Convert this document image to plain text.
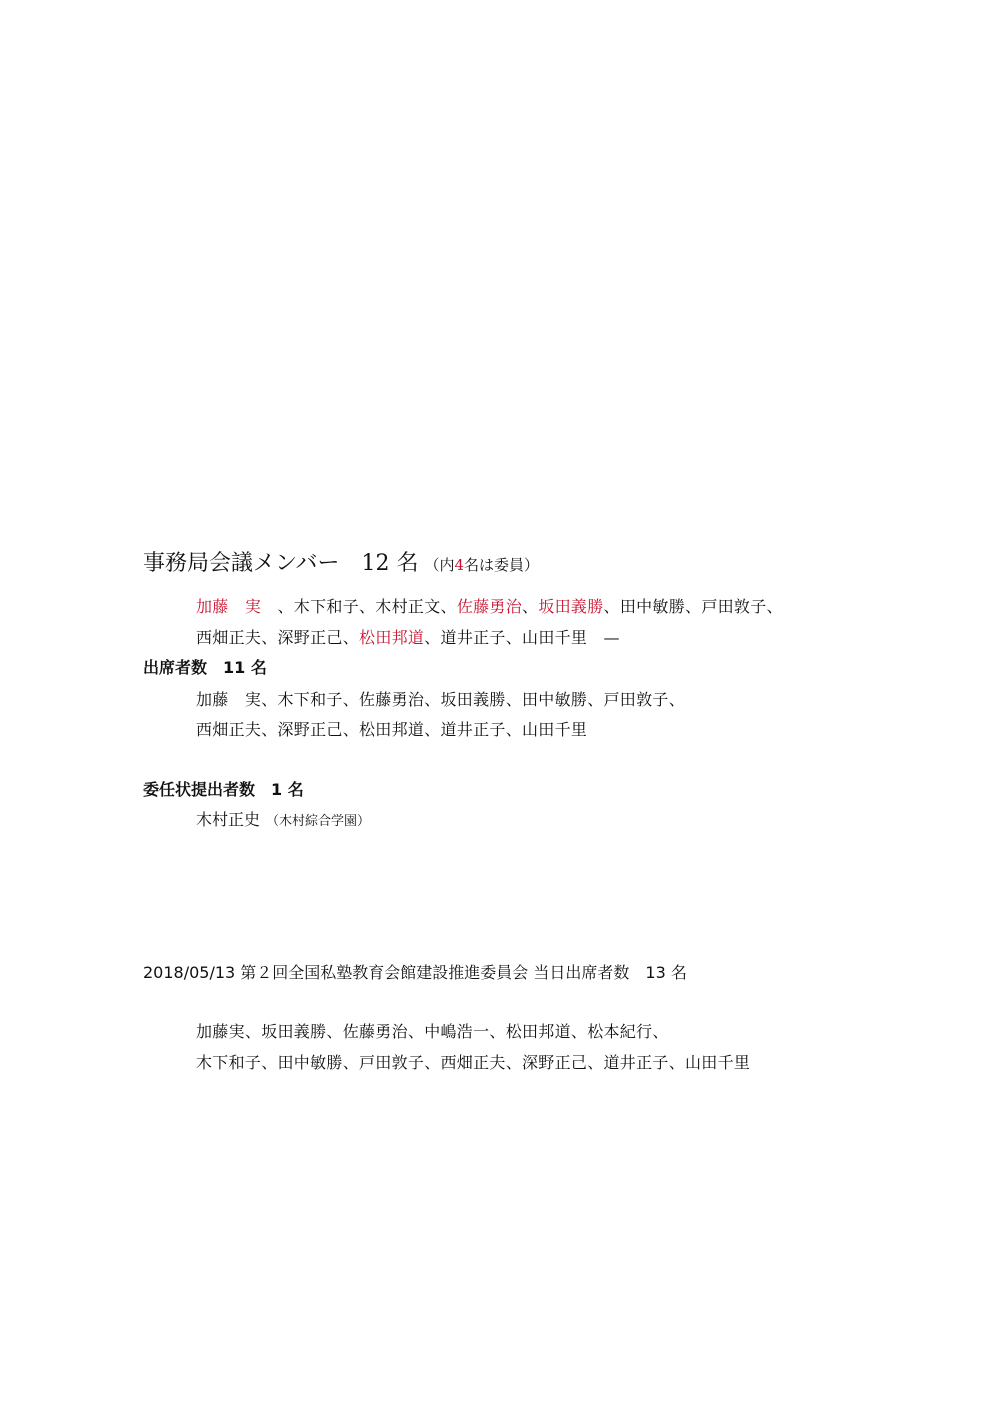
事務局会議メンバー　12 名 （内4名は委員）
加藤　実　、木下和子、木村正文、佐藤勇治、坂田義勝、田中敏勝、戸田敦子、
西畑正夫、深野正己、松田邦道、道井正子、山田千里　—
出席者数　11 名
加藤　実、木下和子、佐藤勇治、坂田義勝、田中敏勝、戸田敦子、
西畑正夫、深野正己、松田邦道、道井正子、山田千里
委任状提出者数　1 名
木村正史 （木村綜合学園）
2018/05/13 第２回全国私塾教育会館建設推進委員会 当日出席者数　13 名
加藤実、坂田義勝、佐藤勇治、中嶋浩一、松田邦道、松本紀行、
木下和子、田中敏勝、戸田敦子、西畑正夫、深野正己、道井正子、山田千里
